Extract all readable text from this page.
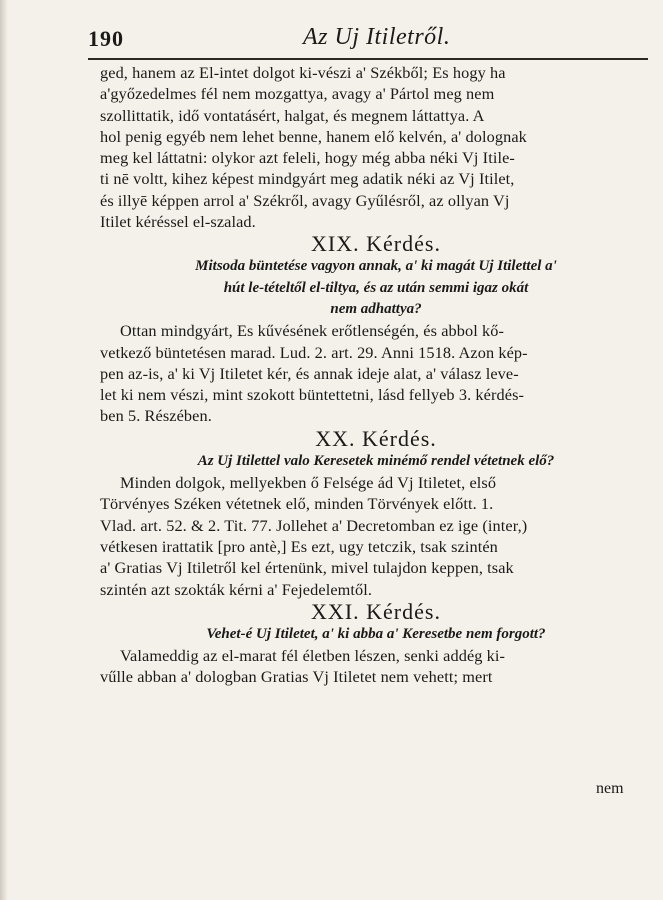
190	Az Uj Itiletről.
ged, hanem az El-intet dolgot ki-vészi a' Székből; Es hogy ha
a'győzedelmes fél nem mozgattya, avagy a' Pártol meg nem
szollittatik, idő vontatásért, halgat, és megnem láttattya. A
hol penig egyéb nem lehet benne, hanem elő kelvén, a' dolognak
meg kel láttatni: olykor azt feleli, hogy még abba néki Vj Itile-
ti nē voltt, kihez képest mindgyárt meg adatik néki az Vj Itilet,
és illyē képpen arrol a' Székről, avagy Gyűlésről, az ollyan Vj
Itilet kéréssel el-szalad.
XIX. Kérdés.
Mitsoda büntetése vagyon annak, a' ki magát Uj Itilettel a'
hút le-tételtől el-tiltya, és az után semmi igaz okát
nem adhattya?
Ottan mindgyárt, Es kűvésének erőtlenségén, és abbol kő-
vetkező büntetésen marad. Lud. 2. art. 29. Anni 1518. Azon kép-
pen az-is, a' ki Vj Itiletet kér, és annak ideje alat, a' válasz leve-
let ki nem vészi, mint szokott büntettetni, lásd fellyeb 3. kérdés-
ben 5. Részében.
XX. Kérdés.
Az Uj Itilettel valo Keresetek minémő rendel vétetnek elő?
Minden dolgok, mellyekben ő Felsége ád Vj Itiletet, első
Törvényes Széken vétetnek elő, minden Törvények előtt. 1.
Vlad. art. 52. & 2. Tit. 77. Jollehet a' Decretomban ez ige (inter,)
vétkesen irattatik [pro antè,] Es ezt, ugy tetczik, tsak szintén
a' Gratias Vj Itiletről kel értenünk, mivel tulajdon keppen, tsak
szintén azt szokták kérni a' Fejedelemtől.
XXI. Kérdés.
Vehet-é Uj Itiletet, a' ki abba a' Keresetbe nem forgott?
Valameddig az el-marat fél életben lészen, senki addég ki-
vűlle abban a' dologban Gratias Vj Itiletet nem vehett; mert
nem
